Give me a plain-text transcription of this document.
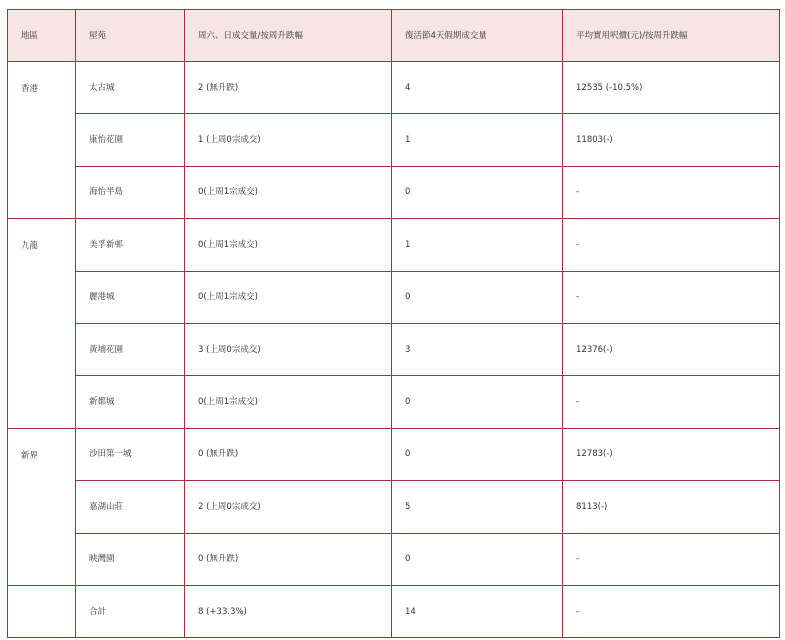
地區	屋苑	周六、日成交量/按周升跌幅	復活節4天假期成交量	平均實用呎價(元)/按周升跌幅
香港	太古城	2 (無升跌)	4	12535 (-10.5%)
	康怡花園	1 (上周0宗成交)	1	11803(-)
	海怡半島	0(上周1宗成交)	0	-
九龍	美孚新邨	0(上周1宗成交)	1	-
	麗港城	0(上周1宗成交)	0	-
	黃埔花園	3 (上周0宗成交)	3	12376(-)
	新都城	0(上周1宗成交)	0	-
新界	沙田第一城	0 (無升跌)	0	12783(-)
	嘉湖山莊	2 (上周0宗成交)	5	8113(-)
	映灣園	0 (無升跌)	0	-
	合計	8 (+33.3%)	14	-
